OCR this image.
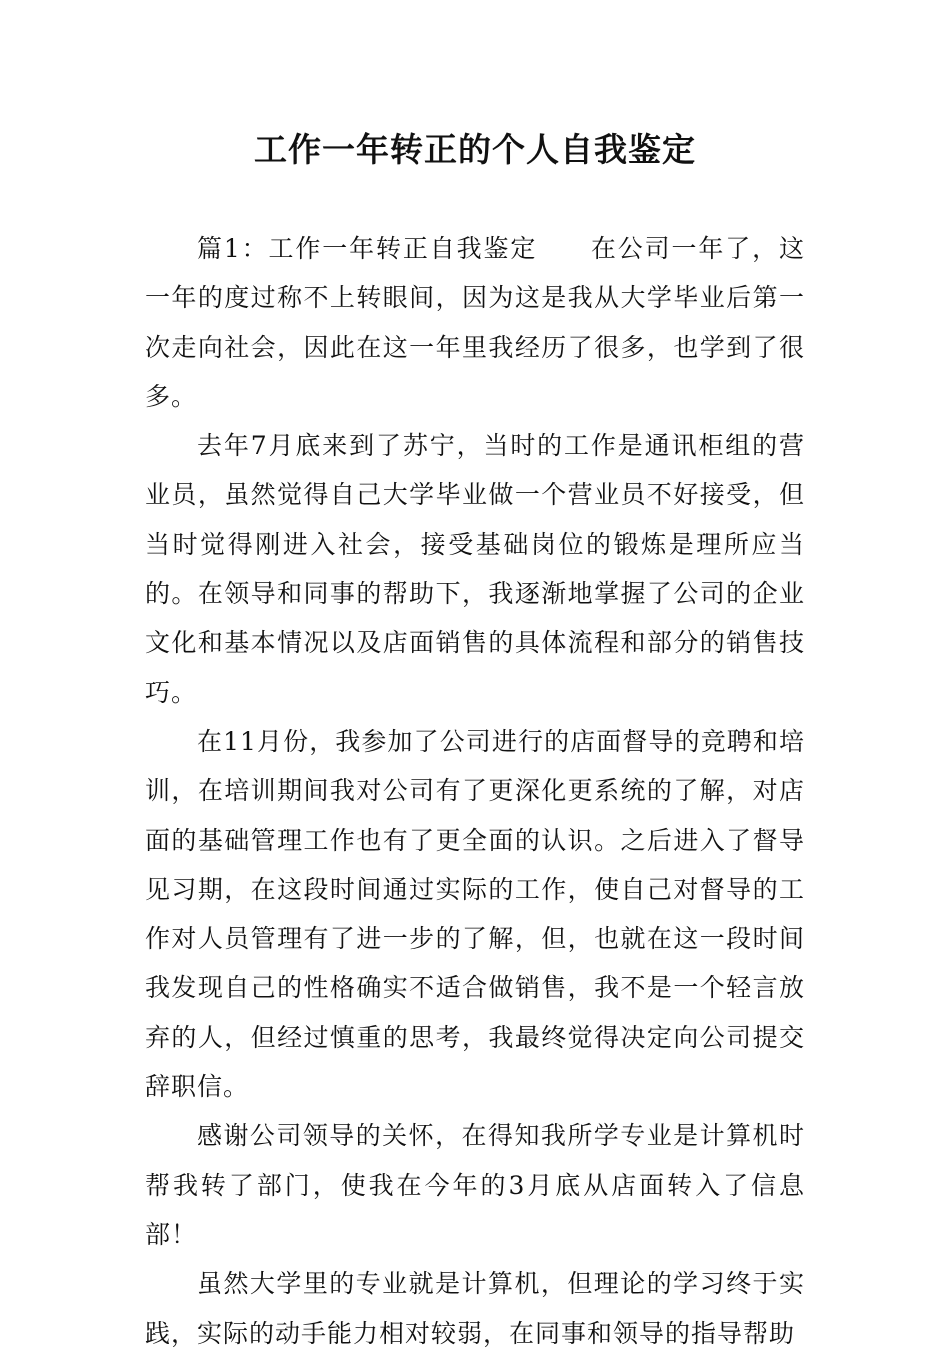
工作一年转正的个人自我鉴定

篇1：工作一年转正自我鉴定　　在公司一年了，这一年的度过称不上转眼间，因为这是我从大学毕业后第一次走向社会，因此在这一年里我经历了很多，也学到了很多。

去年7月底来到了苏宁，当时的工作是通讯柜组的营业员，虽然觉得自己大学毕业做一个营业员不好接受，但当时觉得刚进入社会，接受基础岗位的锻炼是理所应当的。在领导和同事的帮助下，我逐渐地掌握了公司的企业文化和基本情况以及店面销售的具体流程和部分的销售技巧。

在11月份，我参加了公司进行的店面督导的竞聘和培训，在培训期间我对公司有了更深化更系统的了解，对店面的基础管理工作也有了更全面的认识。之后进入了督导见习期，在这段时间通过实际的工作，使自己对督导的工作对人员管理有了进一步的了解，但，也就在这一段时间我发现自己的性格确实不适合做销售，我不是一个轻言放弃的人，但经过慎重的思考，我最终觉得决定向公司提交辞职信。

感谢公司领导的关怀，在得知我所学专业是计算机时帮我转了部门，使我在今年的3月底从店面转入了信息部！

虽然大学里的专业就是计算机，但理论的学习终于实践，实际的动手能力相对较弱，在同事和领导的指导帮助
